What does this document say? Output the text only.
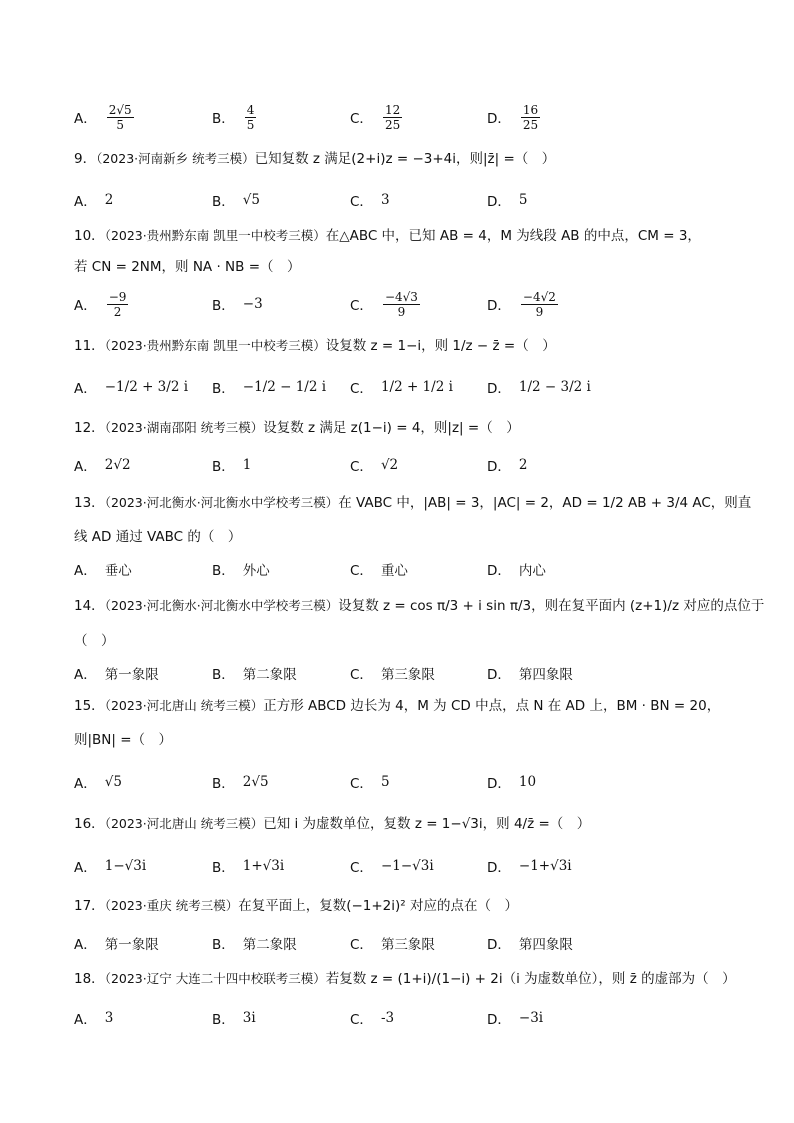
A． $\frac{2√5}{5}$	B． $\frac{4}{5}$	C． $\frac{12}{25}$	D． $\frac{16}{25}$
9．（2023·河南新乡 统考三模）已知复数 z 满足(2+i)z = −3+4i，则|z̄| =（　）
A． 2	B． √5	C． 3	D． 5
10．（2023·贵州黔东南 凯里一中校考三模）在△ABC 中，已知 AB = 4，M 为线段 AB 的中点，CM = 3，
若 CN = 2NM，则 NA · NB =（　）
A． $\frac{-9}{2}$	B． −3	C． $\frac{-4√3}{9}$	D． $\frac{-4√2}{9}$
11．（2023·贵州黔东南 凯里一中校考三模）设复数 z = 1−i，则 1/z − z̄ =（　）
A． −1/2 + 3/2 i B． −1/2 − 1/2 i C． 1/2 + 1/2 i	D． 1/2 − 3/2 i
12．（2023·湖南邵阳 统考三模）设复数 z 满足 z(1−i) = 4，则|z| =（　）
A． 2√2	B． 1	C． √2	D． 2
13．（2023·河北衡水·河北衡水中学校考三模）在 VABC 中，|AB| = 3，|AC| = 2，AD = 1/2 AB + 3/4 AC，则直
线 AD 通过 VABC 的（　）
A． 垂心	B． 外心	C． 重心	D． 内心
14．（2023·河北衡水·河北衡水中学校考三模）设复数 z = cos π/3 + i sin π/3，则在复平面内 (z+1)/z 对应的点位于
（　）
A． 第一象限	B． 第二象限	C． 第三象限	D． 第四象限
15．（2023·河北唐山 统考三模）正方形 ABCD 边长为 4，M 为 CD 中点，点 N 在 AD 上，BM · BN = 20，
则|BN| =（　）
A． √5	B． 2√5	C． 5	D． 10
16．（2023·河北唐山 统考三模）已知 i 为虚数单位，复数 z = 1−√3i，则 4/z̄ =（　）
A． 1−√3i	B． 1+√3i	C． −1−√3i	D． −1+√3i
17．（2023·重庆 统考三模）在复平面上，复数(−1+2i)² 对应的点在（　）
A． 第一象限	B． 第二象限	C． 第三象限	D． 第四象限
18．（2023·辽宁 大连二十四中校联考三模）若复数 z = (1+i)/(1−i) + 2i（i 为虚数单位），则 z̄ 的虚部为（　）
A． 3	B． 3i	C． -3	D． −3i
